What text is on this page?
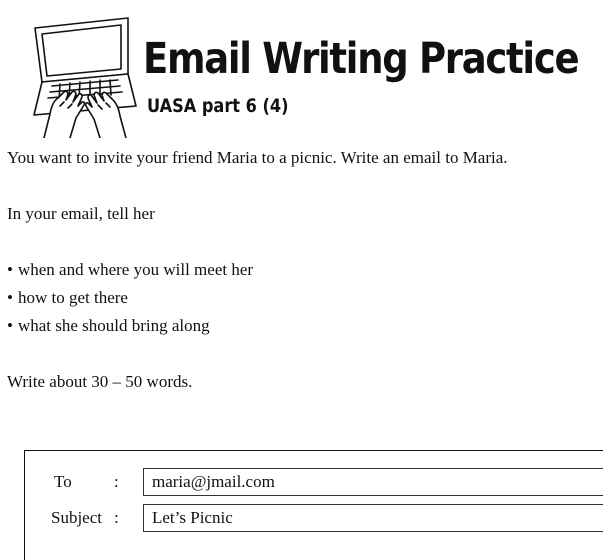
Email Writing Practice
UASA part 6 (4)

You want to invite your friend Maria to a picnic. Write an email to Maria.

In your email, tell her

• when and where you will meet her
• how to get there
• what she should bring along

Write about 30 – 50 words.

To :	maria@jmail.com
Subject :	Let’s Picnic
